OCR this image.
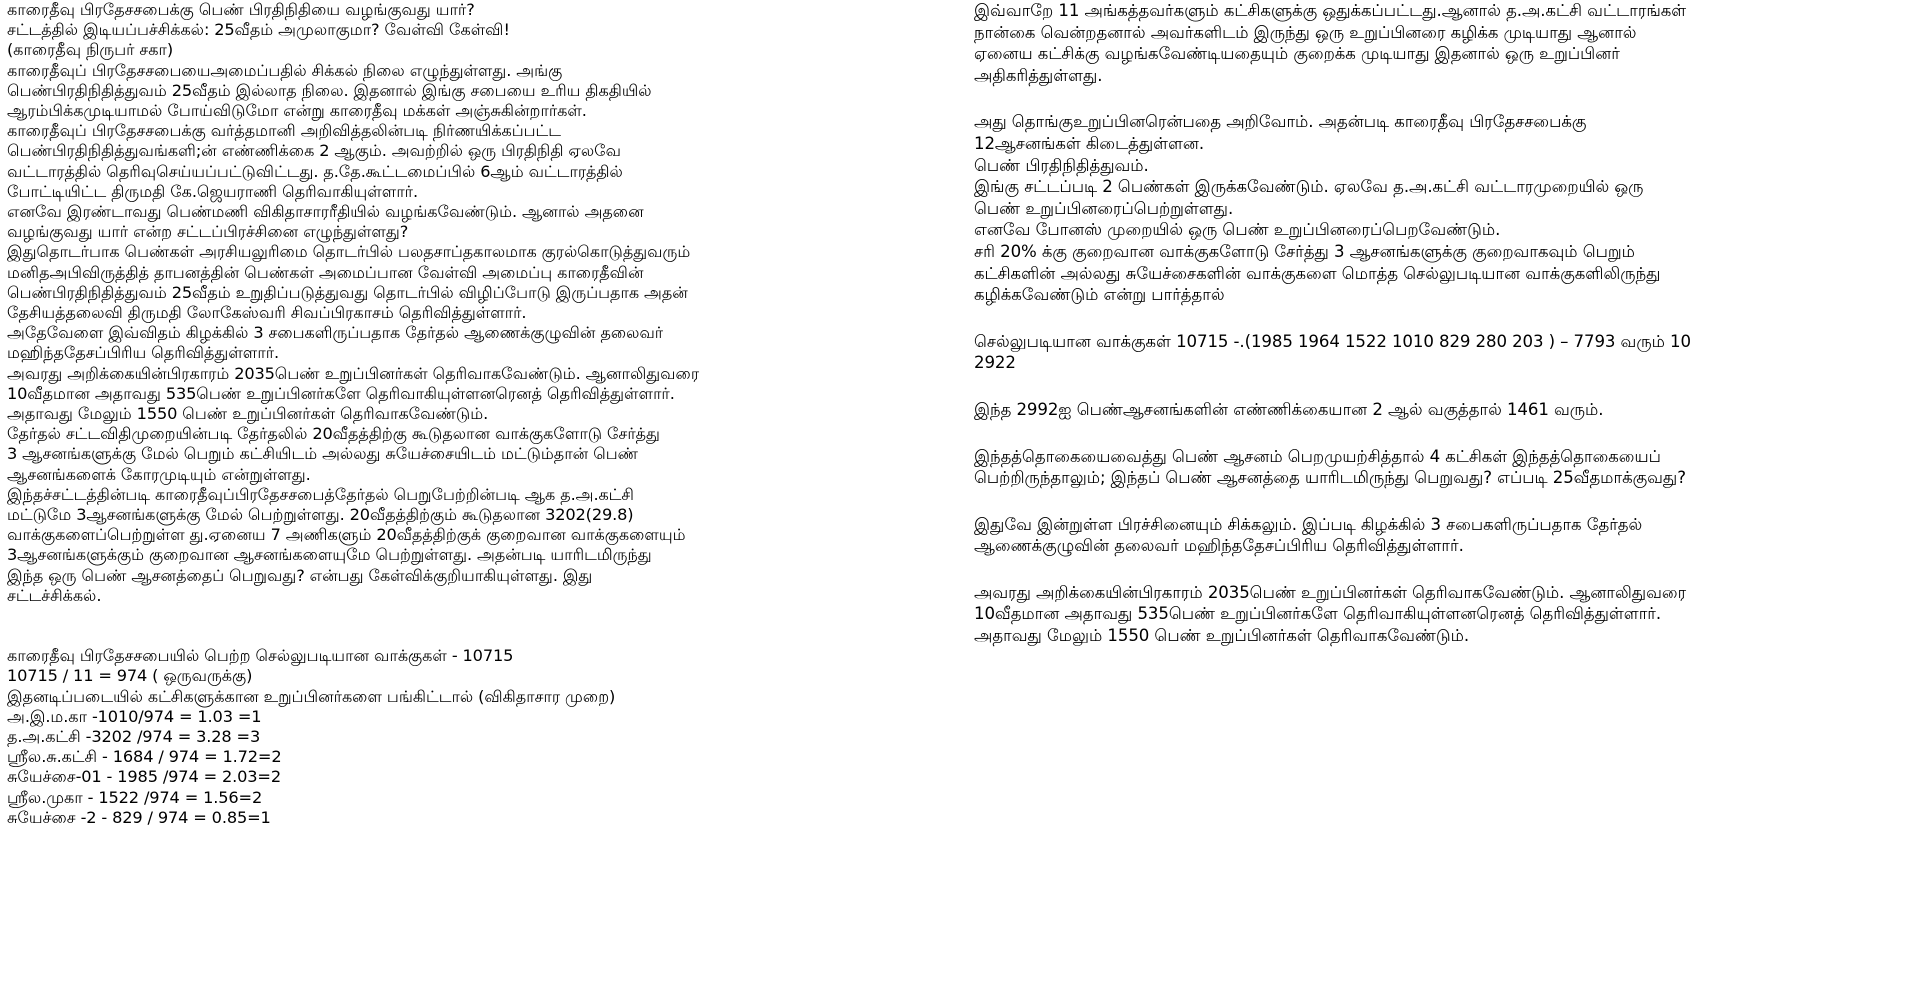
காரைதீவு பிரதேசசபைக்கு பெண் பிரதிநிதியை வழங்குவது யார்?

சட்டத்தில் இடியப்பச்சிக்கல்: 25வீதம் அமுலாகுமா? வேள்வி கேள்வி!

(காரைதீவு நிருபர் சகா)

காரைதீவுப் பிரதேசசபையைஅமைப்பதில் சிக்கல் நிலை எழுந்துள்ளது. அங்கு

பெண்பிரதிநிதித்துவம் 25வீதம் இல்லாத நிலை. இதனால் இங்கு சபையை உரிய திகதியில்

ஆரம்பிக்கமுடியாமல் போய்விடுமோ என்று காரைதீவு மக்கள் அஞ்சுகின்றார்கள்.

காரைதீவுப் பிரதேசசபைக்கு வர்த்தமானி அறிவித்தலின்படி நிர்ணயிக்கப்பட்ட

பெண்பிரதிநிதித்துவங்களி;ன் எண்ணிக்கை 2 ஆகும். அவற்றில் ஒரு பிரதிநிதி ஏலவே

வட்டாரத்தில் தெரிவுசெய்யப்பட்டுவிட்டது. த.தே.கூட்டமைப்பில் 6ஆம் வட்டாரத்தில்

போட்டியிட்ட திருமதி கே.ஜெயராணி தெரிவாகியுள்ளார்.

எனவே இரண்டாவது பெண்மணி விகிதாசாரரீதியில் வழங்கவேண்டும். ஆனால் அதனை

வழங்குவது யார் என்ற சட்டப்பிரச்சினை எழுந்துள்ளது?

இதுதொடர்பாக பெண்கள் அரசியலுரிமை தொடர்பில் பலதசாப்தகாலமாக குரல்கொடுத்துவரும்

மனிதஅபிவிருத்தித் தாபனத்தின் பெண்கள் அமைப்பான வேள்வி அமைப்பு காரைதீவின்

பெண்பிரதிநிதித்துவம் 25வீதம் உறுதிப்படுத்துவது தொடர்பில் விழிப்போடு இருப்பதாக அதன்

தேசியத்தலைவி திருமதி லோகேஸ்வரி சிவப்பிரகாசம் தெரிவித்துள்ளார்.

அதேவேளை இவ்விதம் கிழக்கில் 3 சபைகளிருப்பதாக தேர்தல் ஆணைக்குழுவின் தலைவர்

மஹிந்ததேசப்பிரிய தெரிவித்துள்ளார்.

அவரது அறிக்கையின்பிரகாரம் 2035பெண் உறுப்பினர்கள் தெரிவாகவேண்டும். ஆனாலிதுவரை

10வீதமான அதாவது 535பெண் உறுப்பினர்களே தெரிவாகியுள்ளனரெனத் தெரிவித்துள்ளார்.

அதாவது மேலும் 1550 பெண் உறுப்பினர்கள் தெரிவாகவேண்டும்.

தேர்தல் சட்டவிதிமுறையின்படி தேர்தலில் 20வீதத்திற்கு கூடுதலான வாக்குகளோடு சேர்த்து

3 ஆசனங்களுக்கு மேல் பெறும் கட்சியிடம் அல்லது சுயேச்சையிடம் மட்டும்தான் பெண்

ஆசனங்களைக் கோரமுடியும் என்றுள்ளது.

இந்தச்சட்டத்தின்படி காரைதீவுப்பிரதேசசபைத்தேர்தல் பெறுபேற்றின்படி ஆக த.அ.கட்சி

மட்டுமே 3ஆசனங்களுக்கு மேல் பெற்றுள்ளது. 20வீதத்திற்கும் கூடுதலான 3202(29.8)

வாக்குகளைப்பெற்றுள்ள து.ஏனைய 7 அணிகளும் 20வீதத்திற்குக் குறைவான வாக்குகளையும்

3ஆசனங்களுக்கும் குறைவான ஆசனங்களையுமே பெற்றுள்ளது. அதன்படி யாரிடமிருந்து

இந்த ஒரு பெண் ஆசனத்தைப் பெறுவது? என்பது கேள்விக்குறியாகியுள்ளது. இது

சட்டச்சிக்கல்.

காரைதீவு பிரதேசசபையில் பெற்ற செல்லுபடியான வாக்குகள் - 10715

10715 / 11 = 974 ( ஒருவருக்கு)

இதனடிப்படையில் கட்சிகளுக்கான உறுப்பினர்களை பங்கிட்டால் (விகிதாசார முறை)

அ.இ.ம.கா -1010/974 = 1.03 =1

த.அ.கட்சி -3202 /974 = 3.28 =3

ஸ்ரீல.சு.கட்சி - 1684 / 974 = 1.72=2

சுயேச்சை-01 - 1985 /974 = 2.03=2

ஸ்ரீல.முகா - 1522 /974 = 1.56=2

சுயேச்சை -2 - 829 / 974 = 0.85=1

இவ்வாறே 11 அங்கத்தவர்களும் கட்சிகளுக்கு ஒதுக்கப்பட்டது.ஆனால் த.அ.கட்சி வட்டாரங்கள்

நான்கை வென்றதனால் அவர்களிடம் இருந்து ஒரு உறுப்பினரை கழிக்க முடியாது ஆனால்

ஏனைய கட்சிக்கு வழங்கவேண்டியதையும் குறைக்க முடியாது இதனால் ஒரு உறுப்பினர்

அதிகரித்துள்ளது.

அது தொங்குஉறுப்பினரென்பதை அறிவோம். அதன்படி காரைதீவு பிரதேசசபைக்கு

12ஆசனங்கள் கிடைத்துள்ளன.

பெண் பிரதிநிதித்துவம்.

இங்கு சட்டப்படி 2 பெண்கள் இருக்கவேண்டும். ஏலவே த.அ.கட்சி வட்டாரமுறையில் ஒரு

பெண் உறுப்பினரைப்பெற்றுள்ளது.

எனவே போனஸ் முறையில் ஒரு பெண் உறுப்பினரைப்பெறவேண்டும்.

சரி 20% க்கு குறைவான வாக்குகளோடு சேர்த்து 3 ஆசனங்களுக்கு குறைவாகவும் பெறும்

கட்சிகளின் அல்லது சுயேச்சைகளின் வாக்குகளை மொத்த செல்லுபடியான வாக்குகளிலிருந்து

கழிக்கவேண்டும் என்று பார்த்தால்

செல்லுபடியான வாக்குகள் 10715 -.(1985 1964 1522 1010 829 280 203 ) – 7793 வரும் 10

2922

இந்த 2992ஐ பெண்ஆசனங்களின் எண்ணிக்கையான 2 ஆல் வகுத்தால் 1461 வரும்.

இந்தத்தொகையைவைத்து பெண் ஆசனம் பெறமுயற்சித்தால் 4 கட்சிகள் இந்தத்தொகையைப்

பெற்றிருந்தாலும்; இந்தப் பெண் ஆசனத்தை யாரிடமிருந்து பெறுவது? எப்படி 25வீதமாக்குவது?

இதுவே இன்றுள்ள பிரச்சினையும் சிக்கலும். இப்படி கிழக்கில் 3 சபைகளிருப்பதாக தேர்தல்

ஆணைக்குழுவின் தலைவர் மஹிந்ததேசப்பிரிய தெரிவித்துள்ளார்.

அவரது அறிக்கையின்பிரகாரம் 2035பெண் உறுப்பினர்கள் தெரிவாகவேண்டும். ஆனாலிதுவரை

10வீதமான அதாவது 535பெண் உறுப்பினர்களே தெரிவாகியுள்ளனரெனத் தெரிவித்துள்ளார்.

அதாவது மேலும் 1550 பெண் உறுப்பினர்கள் தெரிவாகவேண்டும்.
